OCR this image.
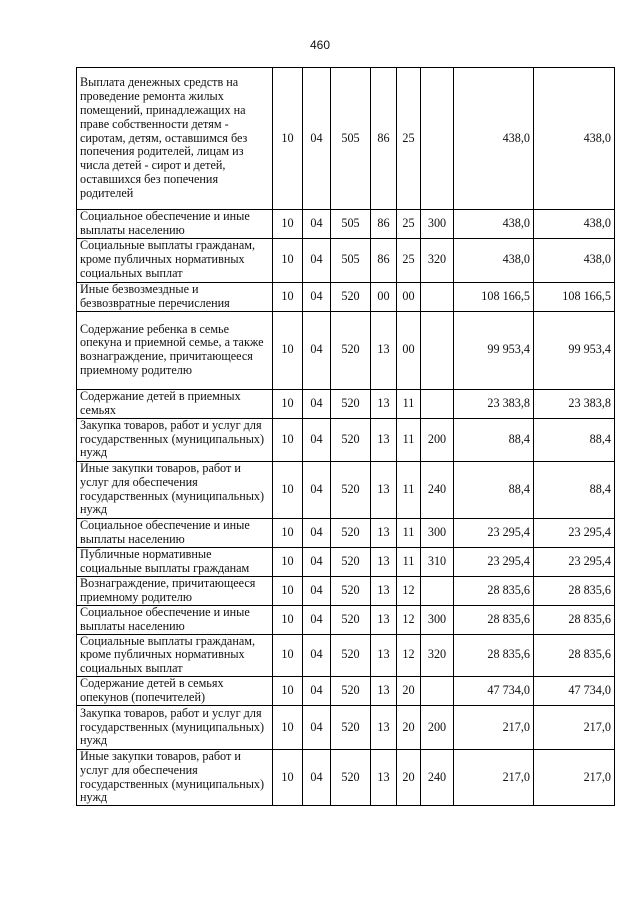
460
Выплата денежных средств на проведение ремонта жилых помещений, принадлежащих на праве собственности детям - сиротам, детям, оставшимся без попечения родителей, лицам из числа детей - сирот и детей, оставшихся без попечения родителей	10	04	505	86	25		438,0	438,0
Социальное обеспечение и иные выплаты населению	10	04	505	86	25	300	438,0	438,0
Социальные выплаты гражданам, кроме публичных нормативных социальных выплат	10	04	505	86	25	320	438,0	438,0
Иные безвозмездные и безвозвратные перечисления	10	04	520	00	00		108 166,5	108 166,5
Содержание ребенка в семье опекуна и приемной семье, а также вознаграждение, причитающееся приемному родителю	10	04	520	13	00		99 953,4	99 953,4
Содержание детей в приемных семьях	10	04	520	13	11		23 383,8	23 383,8
Закупка товаров, работ и услуг для государственных (муниципальных) нужд	10	04	520	13	11	200	88,4	88,4
Иные закупки товаров, работ и услуг для обеспечения государственных (муниципальных) нужд	10	04	520	13	11	240	88,4	88,4
Социальное обеспечение и иные выплаты населению	10	04	520	13	11	300	23 295,4	23 295,4
Публичные нормативные социальные выплаты гражданам	10	04	520	13	11	310	23 295,4	23 295,4
Вознаграждение, причитающееся приемному родителю	10	04	520	13	12		28 835,6	28 835,6
Социальное обеспечение и иные выплаты населению	10	04	520	13	12	300	28 835,6	28 835,6
Социальные выплаты гражданам, кроме публичных нормативных социальных выплат	10	04	520	13	12	320	28 835,6	28 835,6
Содержание детей в семьях опекунов (попечителей)	10	04	520	13	20		47 734,0	47 734,0
Закупка товаров, работ и услуг для государственных (муниципальных) нужд	10	04	520	13	20	200	217,0	217,0
Иные закупки товаров, работ и услуг для обеспечения государственных (муниципальных) нужд	10	04	520	13	20	240	217,0	217,0
